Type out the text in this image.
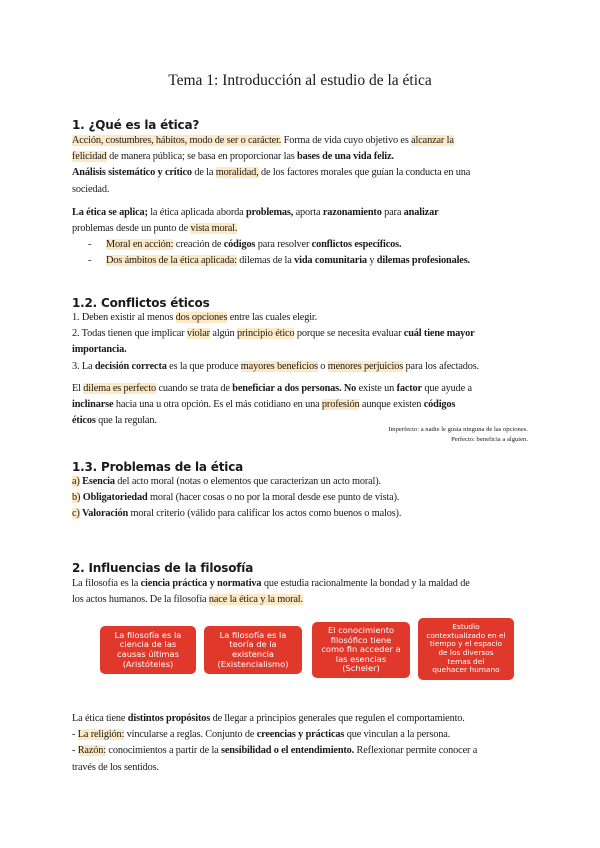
Tema 1: Introducción al estudio de la ética
1. ¿Qué es la ética?
Acción, costumbres, hábitos, modo de ser o carácter. Forma de vida cuyo objetivo es alcanzar la
felicidad de manera pública; se basa en proporcionar las bases de una vida feliz.
Análisis sistemático y crítico de la moralidad, de los factores morales que guían la conducta en una
sociedad.
La ética se aplica; la ética aplicada aborda problemas, aporta razonamiento para analizar
problemas desde un punto de vista moral.
- Moral en acción: creación de códigos para resolver conflictos específicos.
- Dos ámbitos de la ética aplicada: dilemas de la vida comunitaria y dilemas profesionales.
1.2. Conflictos éticos
1. Deben existir al menos dos opciones entre las cuales elegir.
2. Todas tienen que implicar violar algún principio ético porque se necesita evaluar cuál tiene mayor
importancia.
3. La decisión correcta es la que produce mayores beneficios o menores perjuicios para los afectados.
El dilema es perfecto cuando se trata de beneficiar a dos personas. No existe un factor que ayude a
inclinarse hacia una u otra opción. Es el más cotidiano en una profesión aunque existen códigos
éticos que la regulan.
Imperfecto: a nadie le gusta ninguna de las opciones.
Perfecto: beneficia a alguien.
1.3. Problemas de la ética
a) Esencia del acto moral (notas o elementos que caracterizan un acto moral).
b) Obligatoriedad moral (hacer cosas o no por la moral desde ese punto de vista).
c) Valoración moral criterio (válido para calificar los actos como buenos o malos).
2. Influencias de la filosofía
La filosofía es la ciencia práctica y normativa que estudia racionalmente la bondad y la maldad de
los actos humanos. De la filosofía nace la ética y la moral.
La filosofía es la
ciencia de las
causas últimas
(Aristóteles)
La filosofía es la
teoría de la
existencia
(Existencialismo)
El conocimiento
filosófico tiene
como fin acceder a
las esencias
(Scheler)
Estudio
contextualizado en el
tiempo y el espacio
de los diversos
temas del
quehacer humano
La ética tiene distintos propósitos de llegar a principios generales que regulen el comportamiento.
- La religión: vincularse a reglas. Conjunto de creencias y prácticas que vinculan a la persona.
- Razón: conocimientos a partir de la sensibilidad o el entendimiento. Reflexionar permite conocer a
través de los sentidos.
